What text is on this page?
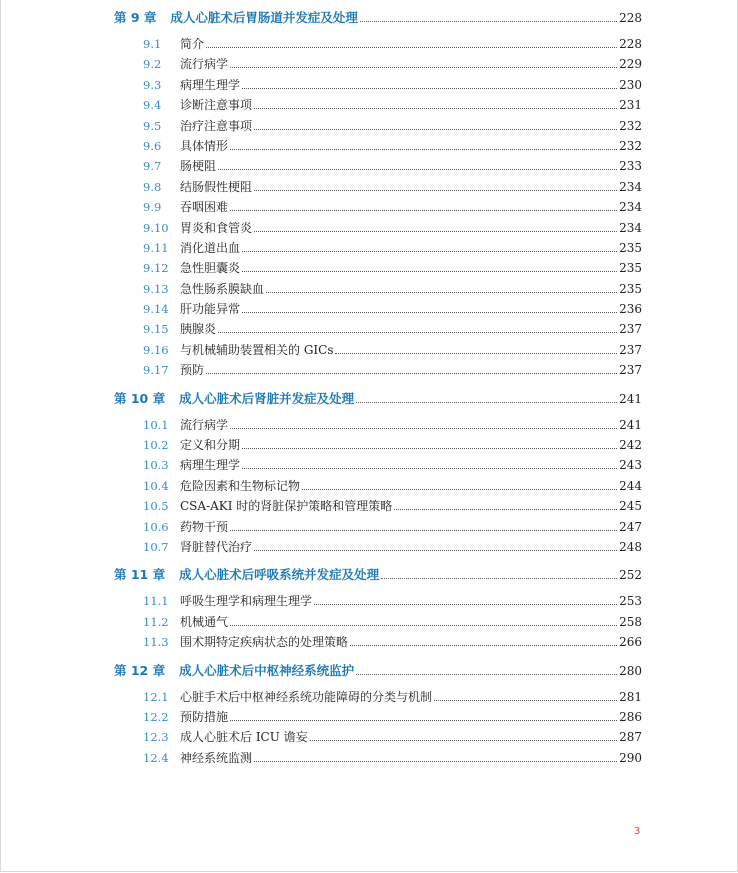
第 9 章 成人心脏术后胃肠道并发症及处理	228
9.1	简介	228
9.2	流行病学	229
9.3	病理生理学	230
9.4	诊断注意事项	231
9.5	治疗注意事项	232
9.6	具体情形	232
9.7	肠梗阻	233
9.8	结肠假性梗阻	234
9.9	吞咽困难	234
9.10 胃炎和食管炎	234
9.11 消化道出血	235
9.12 急性胆囊炎	235
9.13 急性肠系膜缺血	235
9.14 肝功能异常	236
9.15 胰腺炎	237
9.16 与机械辅助装置相关的 GICs	237
9.17 预防	237
第 10 章 成人心脏术后肾脏并发症及处理	241
10.1 流行病学	241
10.2 定义和分期	242
10.3 病理生理学	243
10.4 危险因素和生物标记物	244
10.5 CSA-AKI 时的肾脏保护策略和管理策略	245
10.6 药物干预	247
10.7 肾脏替代治疗	248
第 11 章 成人心脏术后呼吸系统并发症及处理	252
11.1 呼吸生理学和病理生理学	253
11.2 机械通气	258
11.3 围术期特定疾病状态的处理策略	266
第 12 章 成人心脏术后中枢神经系统监护	280
12.1 心脏手术后中枢神经系统功能障碍的分类与机制	281
12.2 预防措施	286
12.3 成人心脏术后 ICU 谵妄	287
12.4 神经系统监测	290
3
